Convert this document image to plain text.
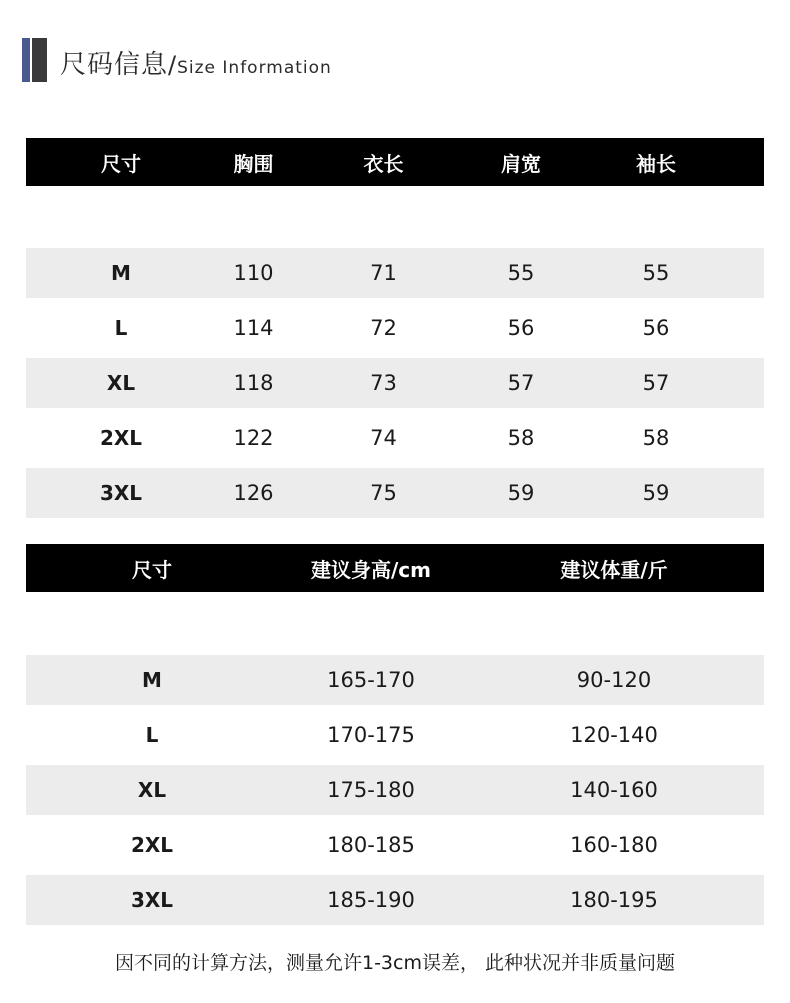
尺码信息/Size Information
尺寸	胸围	衣长	肩宽	袖长
M	110	71	55	55
L	114	72	56	56
XL	118	73	57	57
2XL	122	74	58	58
3XL	126	75	59	59
尺寸	建议身高/cm	建议体重/斤
M	165-170	90-120
L	170-175	120-140
XL	175-180	140-160
2XL	180-185	160-180
3XL	185-190	180-195
因不同的计算方法，测量允许1-3cm误差， 此种状况并非质量问题
